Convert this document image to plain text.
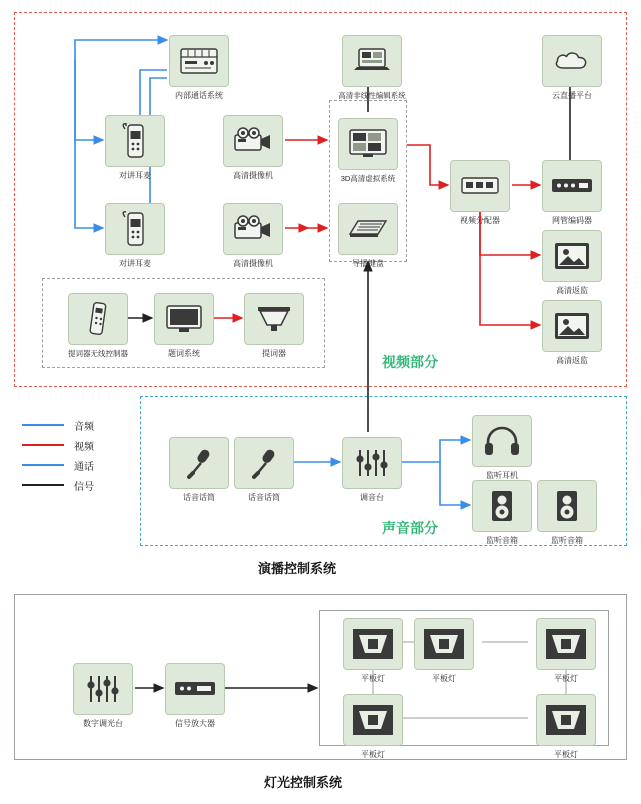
内部通话系统
对讲耳麦
对讲耳麦
高清摄像机
高清摄像机
3D高清虚拟系统
导播键盘
高清非线性编辑系统	云直播平台
视频分配器	网管编码器
高清返监
高清返监
提词器无线控制器	题词系统	提词器
话音话筒	话音话筒	调音台
监听耳机
监听音箱	监听音箱
数字调光台	信号放大器
平板灯	平板灯	平板灯
平板灯	平板灯
视频部分
声音部分
演播控制系统
灯光控制系统
音频
视频
通话
信号
